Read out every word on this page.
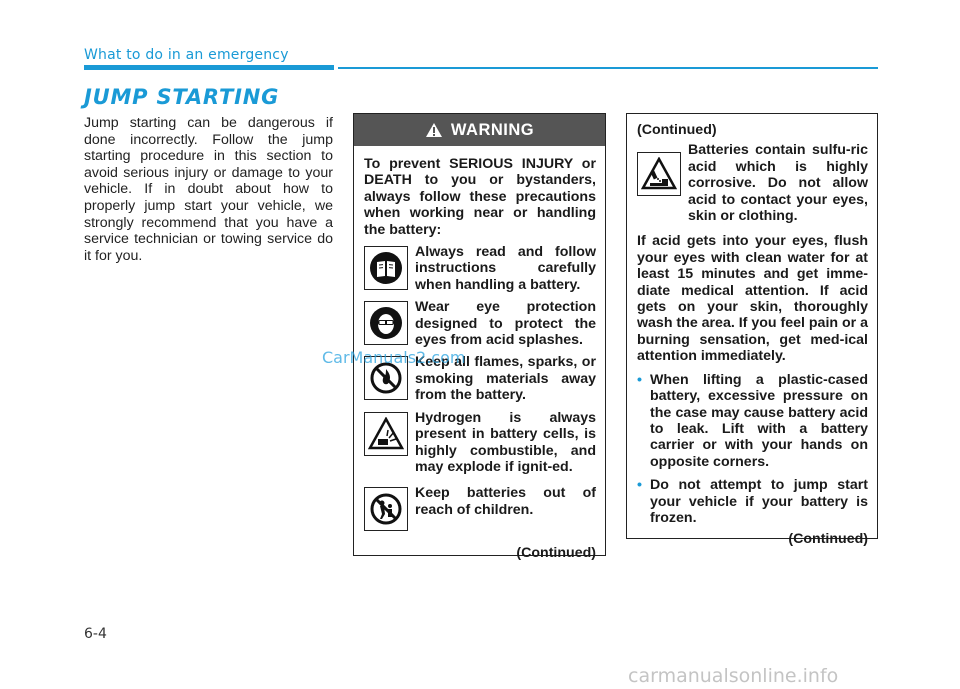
What to do in an emergency
JUMP STARTING

Jump starting can be dangerous if done incorrectly. Follow the jump starting procedure in this section to avoid serious injury or damage to your vehicle. If in doubt about how to properly jump start your vehicle, we strongly recommend that you have a service technician or towing service do it for you.

WARNING
To prevent SERIOUS INJURY or DEATH to you or bystanders, always follow these precautions when working near or handling the battery:
Always read and follow instructions carefully when handling a battery.
Wear eye protection designed to protect the eyes from acid splashes.
Keep all flames, sparks, or smoking materials away from the battery.
Hydrogen is always present in battery cells, is highly combustible, and may explode if ignit-ed.
Keep batteries out of reach of children.
(Continued)
(Continued)
Batteries contain sulfu-ric acid which is highly corrosive. Do not allow acid to contact your eyes, skin or clothing.
If acid gets into your eyes, flush your eyes with clean water for at least 15 minutes and get imme-diate medical attention. If acid gets on your skin, thoroughly wash the area. If you feel pain or a burning sensation, get med-ical attention immediately.
• When lifting a plastic-cased battery, excessive pressure on the case may cause battery acid to leak. Lift with a battery carrier or with your hands on opposite corners.
• Do not attempt to jump start your vehicle if your battery is frozen.
(Continued)
CarManuals2.com
6-4
carmanualsonline.info
